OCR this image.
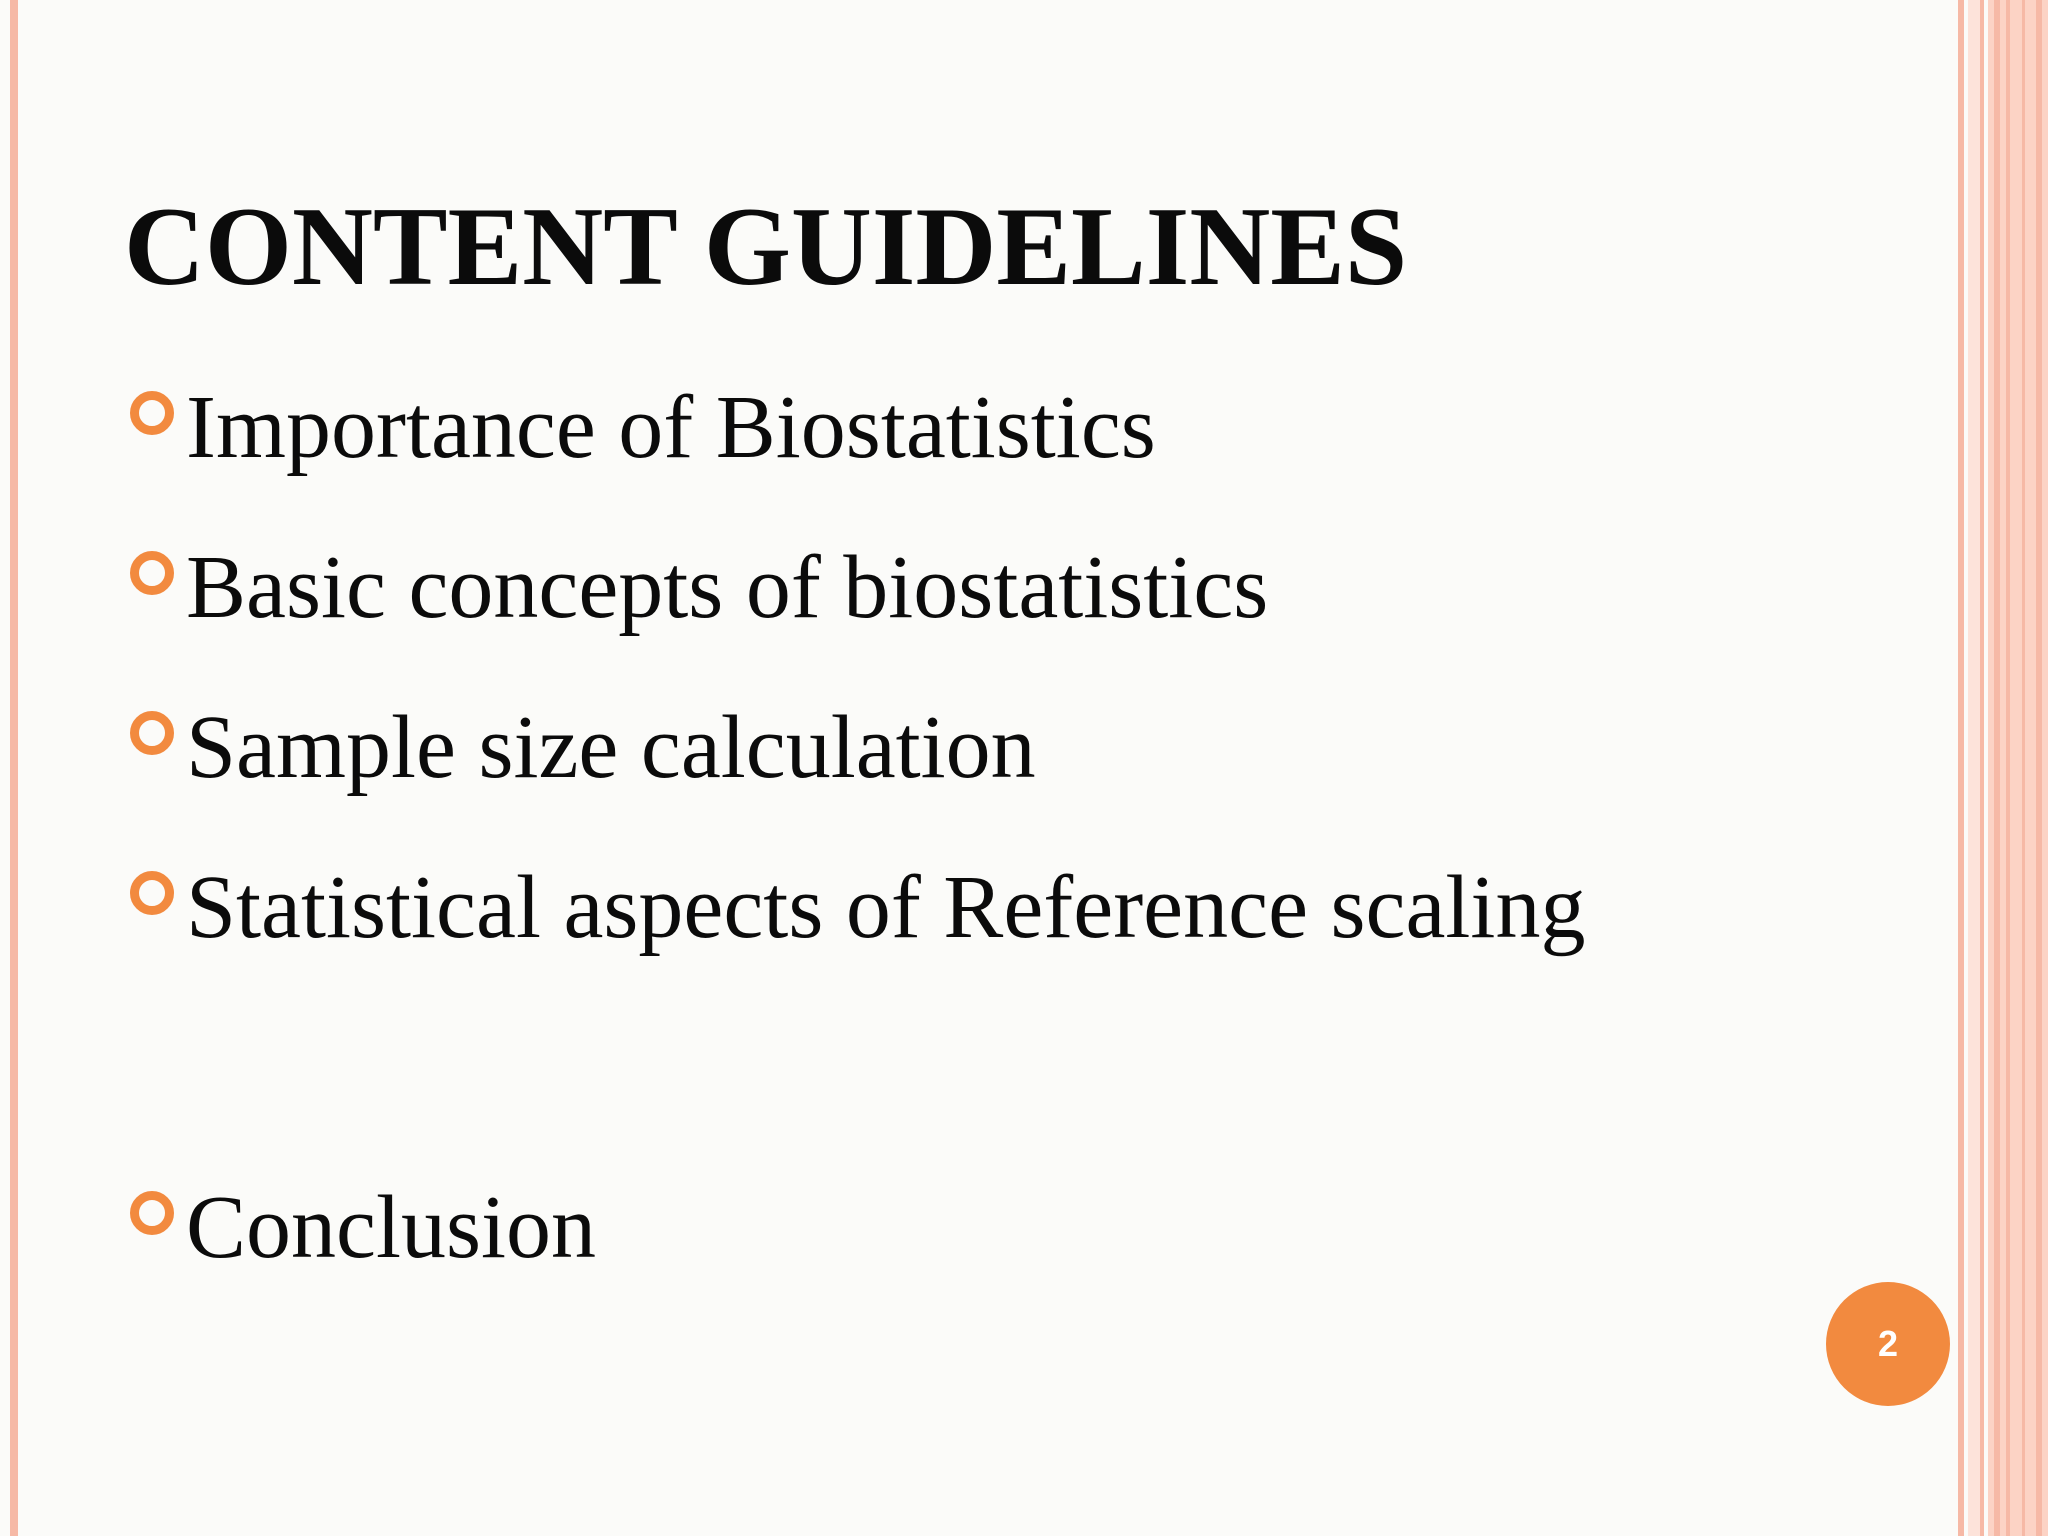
CONTENT GUIDELINES
Importance of Biostatistics
Basic concepts of biostatistics
Sample size calculation
Statistical aspects of Reference scaling
Conclusion
2
